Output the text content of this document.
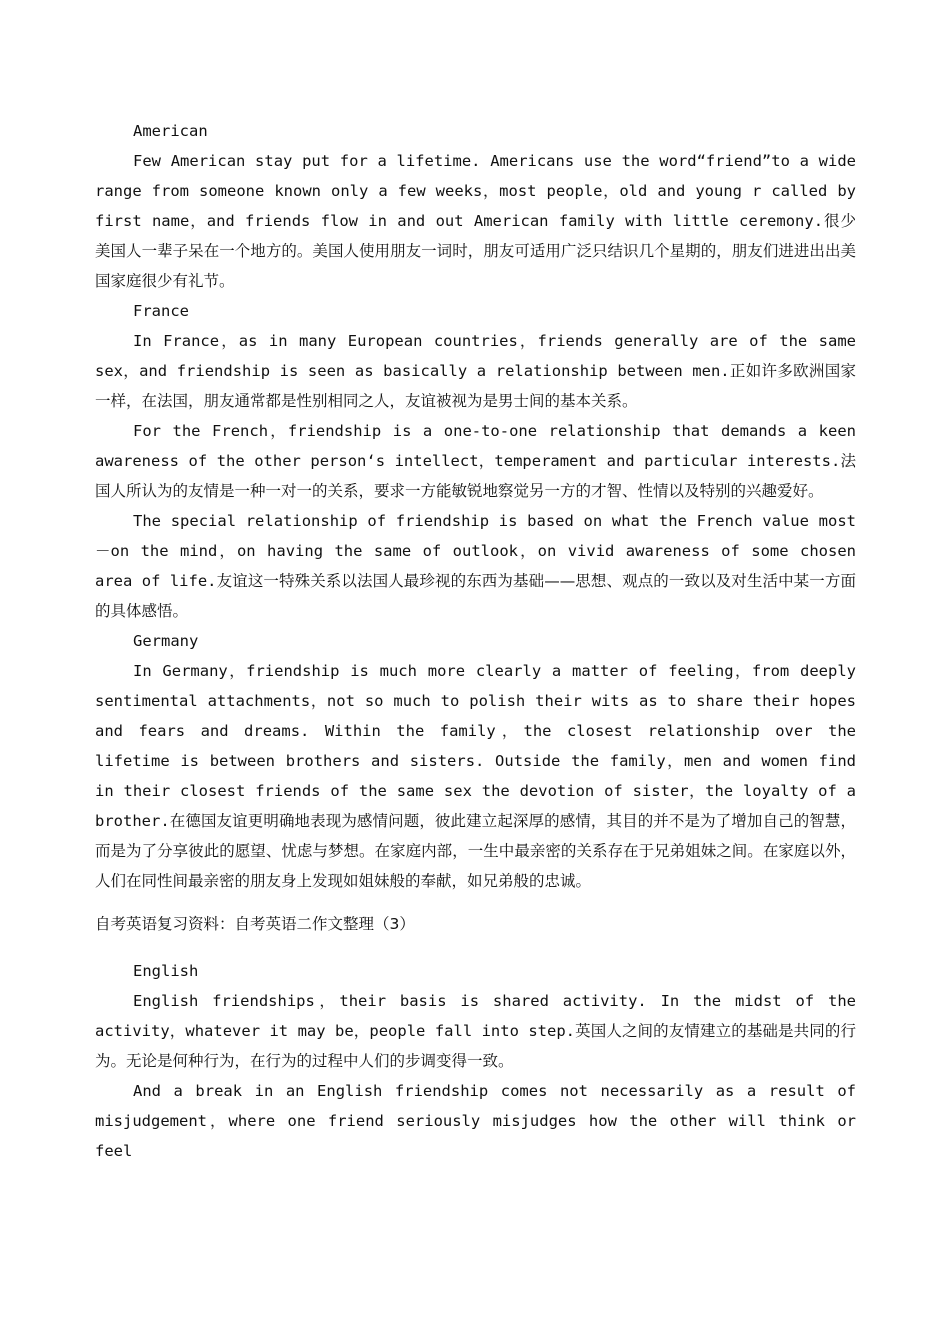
American

Few American stay put for a lifetime. Americans use the word“friend”to a wide range from someone known only a few weeks，most people，old and young r called by first name，and friends flow in and out American family with little ceremony.很少美国人一辈子呆在一个地方的。美国人使用朋友一词时，朋友可适用广泛只结识几个星期的，朋友们进进出出美国家庭很少有礼节。

France

In France，as in many European countries，friends generally are of the same sex，and friendship is seen as basically a relationship between men.正如许多欧洲国家一样，在法国，朋友通常都是性别相同之人，友谊被视为是男士间的基本关系。

For the French，friendship is a one-to-one relationship that demands a keen awareness of the other person‘s intellect，temperament and particular interests.法国人所认为的友情是一种一对一的关系，要求一方能敏锐地察觉另一方的才智、性情以及特别的兴趣爱好。

The special relationship of friendship is based on what the French value most－on the mind，on having the same of outlook，on vivid awareness of some chosen area of life.友谊这一特殊关系以法国人最珍视的东西为基础——思想、观点的一致以及对生活中某一方面的具体感悟。

Germany

In Germany，friendship is much more clearly a matter of feeling，from deeply sentimental attachments，not so much to polish their wits as to share their hopes and fears and dreams. Within the family，the closest relationship over the lifetime is between brothers and sisters. Outside the family，men and women find in their closest friends of the same sex the devotion of sister，the loyalty of a brother.在德国友谊更明确地表现为感情问题，彼此建立起深厚的感情，其目的并不是为了增加自己的智慧，而是为了分享彼此的愿望、忧虑与梦想。在家庭内部，一生中最亲密的关系存在于兄弟姐妹之间。在家庭以外，人们在同性间最亲密的朋友身上发现如姐妹般的奉献，如兄弟般的忠诚。

自考英语复习资料：自考英语二作文整理（3）

English

English friendships，their basis is shared activity. In the midst of the activity，whatever it may be，people fall into step.英国人之间的友情建立的基础是共同的行为。无论是何种行为，在行为的过程中人们的步调变得一致。

And a break in an English friendship comes not necessarily as a result of misjudgement，where one friend seriously misjudges how the other will think or feel
